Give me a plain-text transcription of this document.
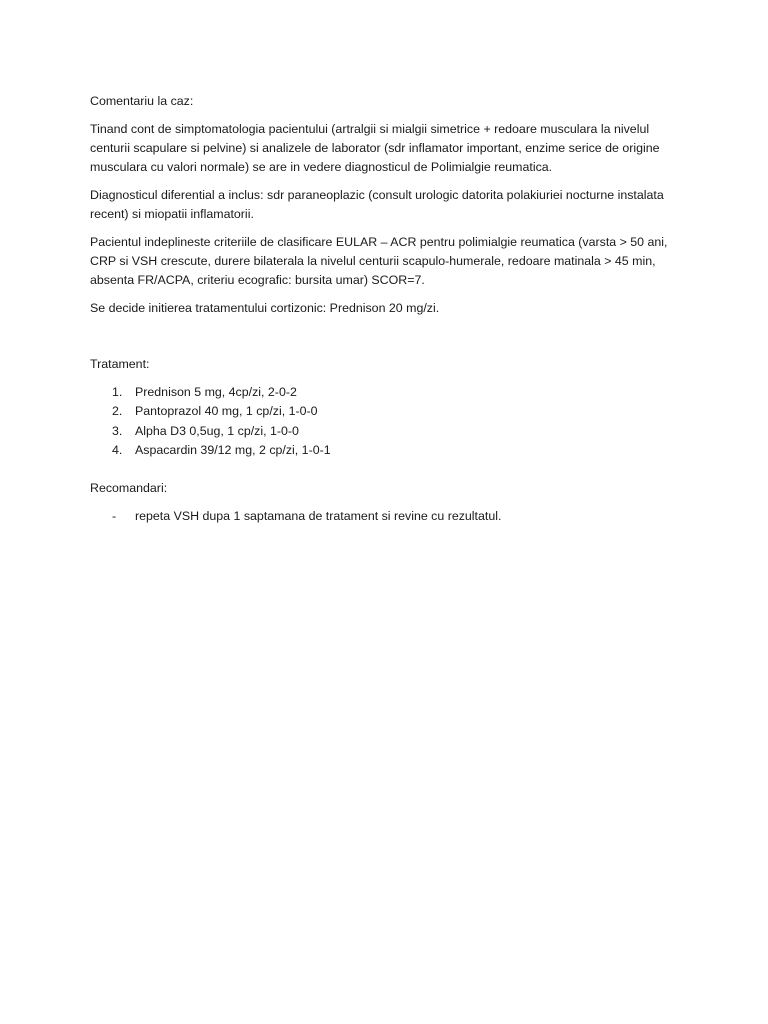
Comentariu la caz:

Tinand cont de simptomatologia pacientului (artralgii si mialgii simetrice + redoare musculara la nivelul centurii scapulare si pelvine) si analizele de laborator (sdr inflamator important, enzime serice de origine musculara cu valori normale) se are in vedere diagnosticul de Polimialgie reumatica.

Diagnosticul diferential a inclus: sdr paraneoplazic (consult urologic datorita polakiuriei nocturne instalata recent) si miopatii inflamatorii.

Pacientul indeplineste criteriile de clasificare EULAR – ACR pentru polimialgie reumatica (varsta > 50 ani, CRP si VSH crescute, durere bilaterala la nivelul centurii scapulo-humerale, redoare matinala > 45 min, absenta FR/ACPA, criteriu ecografic: bursita umar) SCOR=7.

Se decide initierea tratamentului cortizonic: Prednison 20 mg/zi.

Tratament:

1. Prednison 5 mg, 4cp/zi, 2-0-2
2. Pantoprazol 40 mg, 1 cp/zi, 1-0-0
3. Alpha D3 0,5ug, 1 cp/zi, 1-0-0
4. Aspacardin 39/12 mg, 2 cp/zi, 1-0-1

Recomandari:

- repeta VSH dupa 1 saptamana de tratament si revine cu rezultatul.
